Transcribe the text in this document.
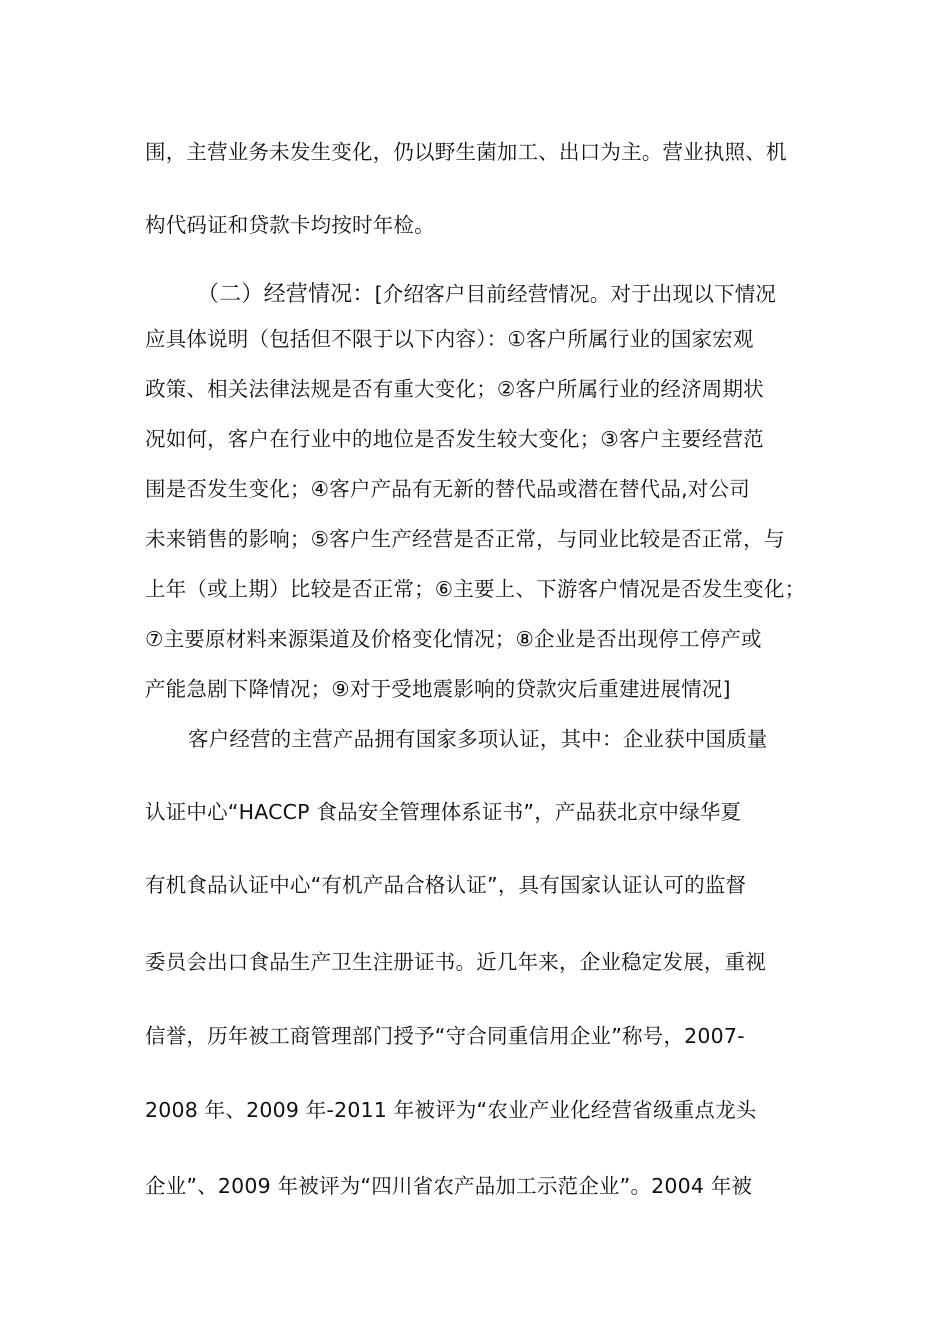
围，主营业务未发生变化，仍以野生菌加工、出口为主。营业执照、机
构代码证和贷款卡均按时年检。
（二）经营情况：[介绍客户目前经营情况。对于出现以下情况
应具体说明（包括但不限于以下内容）：①客户所属行业的国家宏观
政策、相关法律法规是否有重大变化；②客户所属行业的经济周期状
况如何，客户在行业中的地位是否发生较大变化；③客户主要经营范
围是否发生变化；④客户产品有无新的替代品或潜在替代品,对公司
未来销售的影响；⑤客户生产经营是否正常，与同业比较是否正常，与
上年（或上期）比较是否正常；⑥主要上、下游客户情况是否发生变化；
⑦主要原材料来源渠道及价格变化情况；⑧企业是否出现停工停产或
产能急剧下降情况；⑨对于受地震影响的贷款灾后重建进展情况]
客户经营的主营产品拥有国家多项认证，其中：企业获中国质量
认证中心“HACCP 食品安全管理体系证书”，产品获北京中绿华夏
有机食品认证中心“有机产品合格认证”，具有国家认证认可的监督
委员会出口食品生产卫生注册证书。近几年来，企业稳定发展，重视
信誉，历年被工商管理部门授予“守合同重信用企业”称号，2007-
2008 年、2009 年-2011 年被评为“农业产业化经营省级重点龙头
企业”、2009 年被评为“四川省农产品加工示范企业”。2004 年被
